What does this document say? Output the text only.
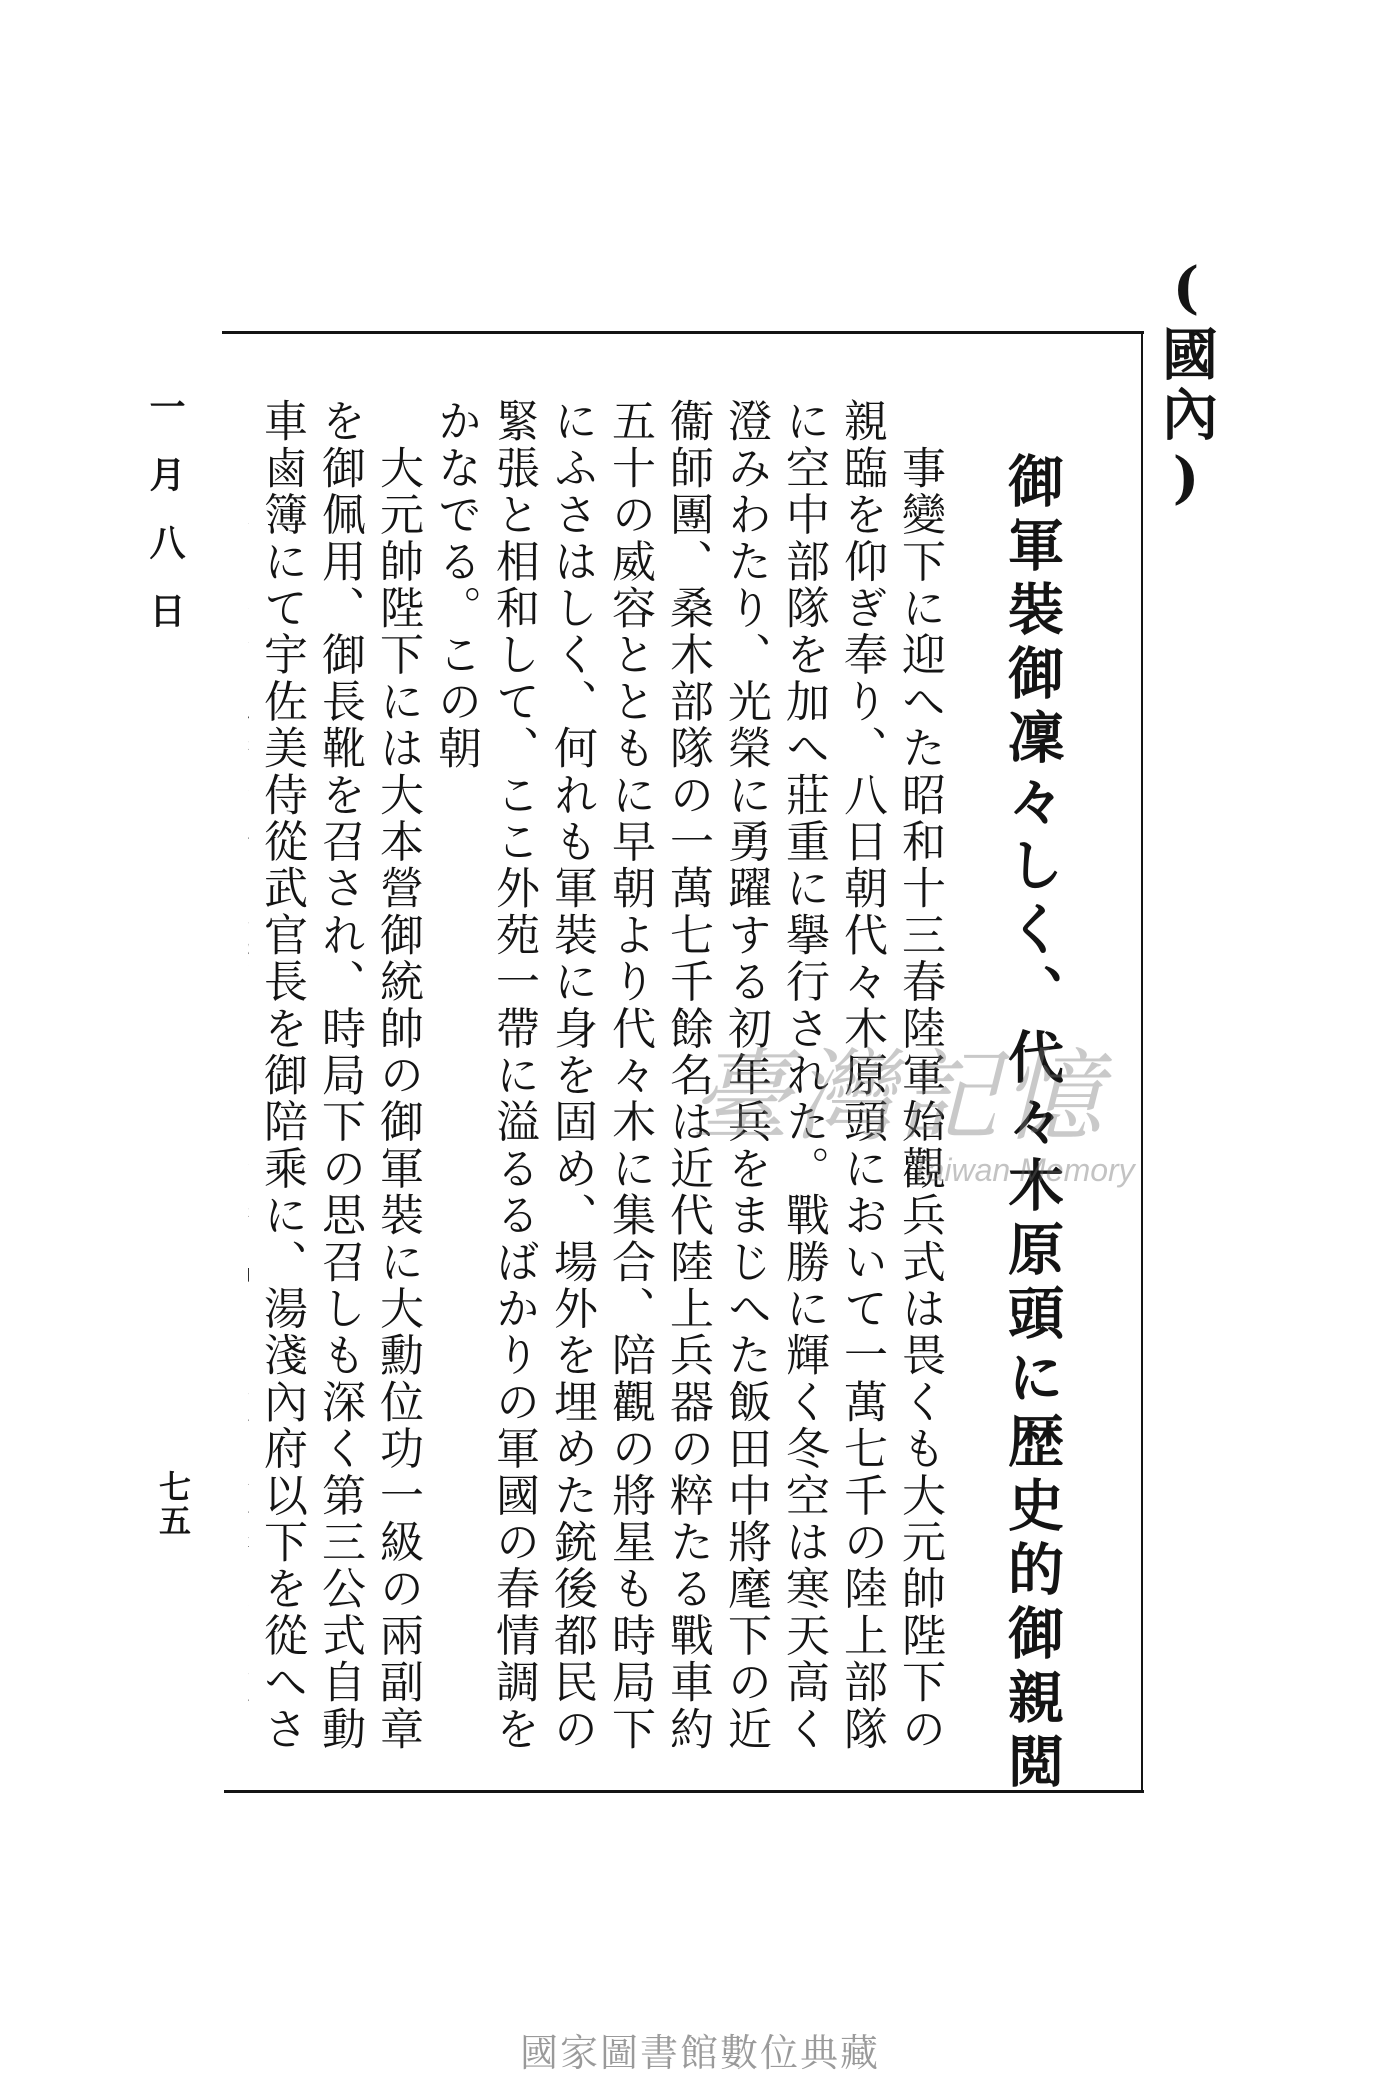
(國內)
御軍裝御凜々しく、代々木原頭に歴史的御親閲

　事變下に迎へた昭和十三春陸軍始觀兵式は畏くも大元帥陛下の親臨を仰ぎ奉り、八日朝代々木原頭において一萬七千の陸上部隊に空中部隊を加へ莊重に擧行された。戰勝に輝く冬空は寒天高く澄みわたり、光榮に勇躍する初年兵をまじへた飯田中將麾下の近衞師團、桑木部隊の一萬七千餘名は近代陸上兵器の粹たる戰車約五十の威容とともに早朝より代々木に集合、陪觀の將星も時局下にふさはしく、何れも軍裝に身を固め、場外を埋めた銃後都民の緊張と相和して、ここ外苑一帶に溢るるばかりの軍國の春情調をかなでる。この朝

　大元帥陛下には大本營御統帥の御軍裝に大勳位功一級の兩副章を御佩用、御長靴を召され、時局下の思召しも深く第三公式自動車鹵簿にて宇佐美侍從武官長を御陪乘に、湯淺內府以下を從へさ

一月八日
七五
臺灣記憶
Taiwan Memory
國家圖書館數位典藏
